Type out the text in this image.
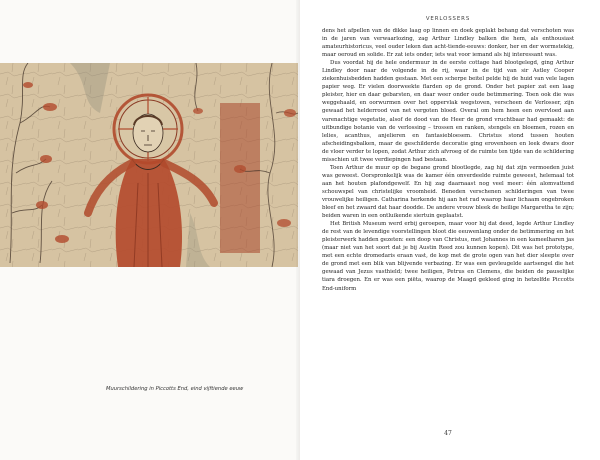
Muurschildering in Piccotts End, eind vijftiende eeuw
VERLOSSERS

dens het afpellen van de dikke laag op linnen en doek geplakt behang dat verschoten was in de jaren van verwaarlozing, zag Arthur Lindley balken die hem, als enthousiast amateurhistoricus, veel ouder leken dan acht-tiende-eeuws: donker, her en der wormstekig, maar oeroud en solide. Er zat iets onder, iets wat voor iemand als hij interessant was.

Dus voordat hij de hele ondermuur in de eerste cottage had blootgelegd, ging Arthur Lindley door naar de volgende in de rij, waar in de tijd van sir Astley Cooper ziekenhuisbedden hadden gestaan. Met een scherpe beitel pelde hij de huid van vele lagen papier weg. Er vielen doorweekte flarden op de grond. Onder het papier zat een laag pleister, hier en daar gebarsten, en daar weer onder oude betimmering. Toen ook die was weggehaald, en oorwurmen over het oppervlak wegstoven, verscheen de Verlosser, zijn gewaad het helderrood van net vergoten bloed. Overal om hem heen een overvloed aan varenachtige vegetatie, alsof de dood van de Heer de grond vruchtbaar had gemaakt: de uitbundige botanie van de verlossing – trossen en ranken, stengels en bloemen, rozen en lelies, acanthus, anjelieren en fantasiebloesem. Christus stond tussen houten afscheidingsbalken, maar de geschilderde decoratie ging erovenheen en leek dwars door de vloer verder te lopen, zodat Arthur zich afvroeg of de ruimte ten tijde van de schildering misschien uit twee verdiepingen had bestaan.

Toen Arthur de muur op de begane grond blootlegde, zag hij dat zijn vermoeden juist was geweest. Oorspronkelijk was de kamer één onverdeelde ruimte geweest, helemaal tot aan het houten plafondgewelf. En hij zag daarnaast nog veel meer: één alomvattend schouwspel van christelijke vroomheid. Beneden verschenen schilderingen van twee vrouwelijke heiligen. Catharina herkende hij aan het rad waarop haar lichaam ongebroken bleef en het zwaard dat haar doodde. De andere vrouw bleek de heilige Margaretha te zijn; beiden waren in een ontluikende siertuin geplaatst.

Het British Museum werd erbij geroepen, maar voor hij dat deed, legde Arthur Lindley de rest van de levendige voorstellingen bloot die eeuwenlang onder de betimmering en het pleisterwerk hadden gezeten: een doop van Christus, met Johannes in een kameelharen jas (maar niet van het soort dat je bij Austin Reed zou kunnen kopen). Dit was het prototype, met een echte dromedaris eraan vast, de kop met de grote ogen van het dier sleepte over de grond met een blik van blijvende verbazing. Er was een gevleugelde aartsengel die het gewaad van Jezus vasthield; twee heiligen, Petrus en Clemens, die beiden de pauselijke tiara droegen. En er was een piëta, waarop de Maagd gekleed ging in hetzelfde Piccotts End-uniform

47
